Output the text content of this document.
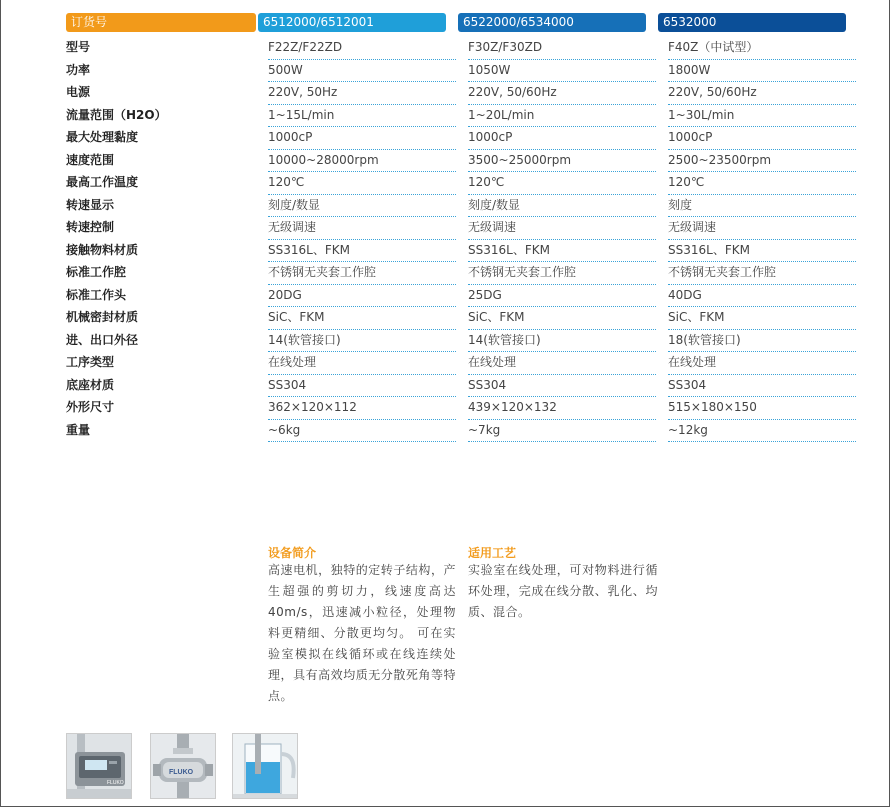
订货号	6512000/6512001	6522000/6534000	6532000
型号	F22Z/F22ZD	F30Z/F30ZD	F40Z（中试型）
功率	500W	1050W	1800W
电源	220V, 50Hz	220V, 50/60Hz	220V, 50/60Hz
流量范围（H2O）	1~15L/min	1~20L/min	1~30L/min
最大处理黏度	1000cP	1000cP	1000cP
速度范围	10000~28000rpm	3500~25000rpm	2500~23500rpm
最高工作温度	120℃	120℃	120℃
转速显示	刻度/数显	刻度/数显	刻度
转速控制	无级调速	无级调速	无级调速
接触物料材质	SS316L、FKM	SS316L、FKM	SS316L、FKM
标准工作腔	不锈钢无夹套工作腔	不锈钢无夹套工作腔	不锈钢无夹套工作腔
标准工作头	20DG	25DG	40DG
机械密封材质	SiC、FKM	SiC、FKM	SiC、FKM
进、出口外径	14(软管接口)	14(软管接口)	18(软管接口)
工序类型	在线处理	在线处理	在线处理
底座材质	SS304	SS304	SS304
外形尺寸	362×120×112	439×120×132	515×180×150
重量	~6kg	~7kg	~12kg
设备简介
高速电机，独特的定转子结构，产生超强的剪切力，线速度高达40m/s，迅速减小粒径，处理物料更精细、分散更均匀。 可在实验室模拟在线循环或在线连续处理，具有高效均质无分散死角等特点。
适用工艺
实验室在线处理，可对物料进行循环处理，完成在线分散、乳化、均质、混合。
FLUKO
FLUKO
